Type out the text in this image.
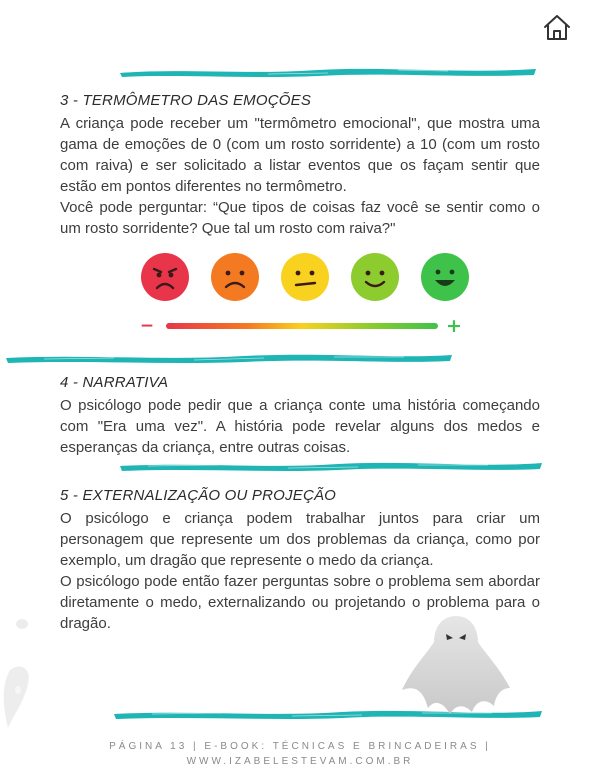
3 - TERMÔMETRO DAS EMOÇÕES

A criança pode receber um "termômetro emocional", que mostra uma gama de emoções de 0 (com um rosto sorridente) a 10 (com um rosto com raiva) e ser solicitado a listar eventos que os façam sentir que estão em pontos diferentes no termômetro.
Você pode perguntar: “Que tipos de coisas faz você se sentir como o um rosto sorridente? Que tal um rosto com raiva?"

−	+
4 - NARRATIVA

O psicólogo pode pedir que a criança conte uma história começando com "Era uma vez". A história pode revelar alguns dos medos e esperanças da criança, entre outras coisas.

5 - EXTERNALIZAÇÃO OU PROJEÇÃO

O psicólogo e criança podem trabalhar juntos para criar um personagem que represente um dos problemas da criança, como por exemplo, um dragão que represente o medo da criança.
O psicólogo pode então fazer perguntas sobre o problema sem abordar diretamente o medo, externalizando ou projetando o problema para o dragão.

PÁGINA 13 | E-BOOK: TÉCNICAS E BRINCADEIRAS |

WWW.IZABELESTEVAM.COM.BR
